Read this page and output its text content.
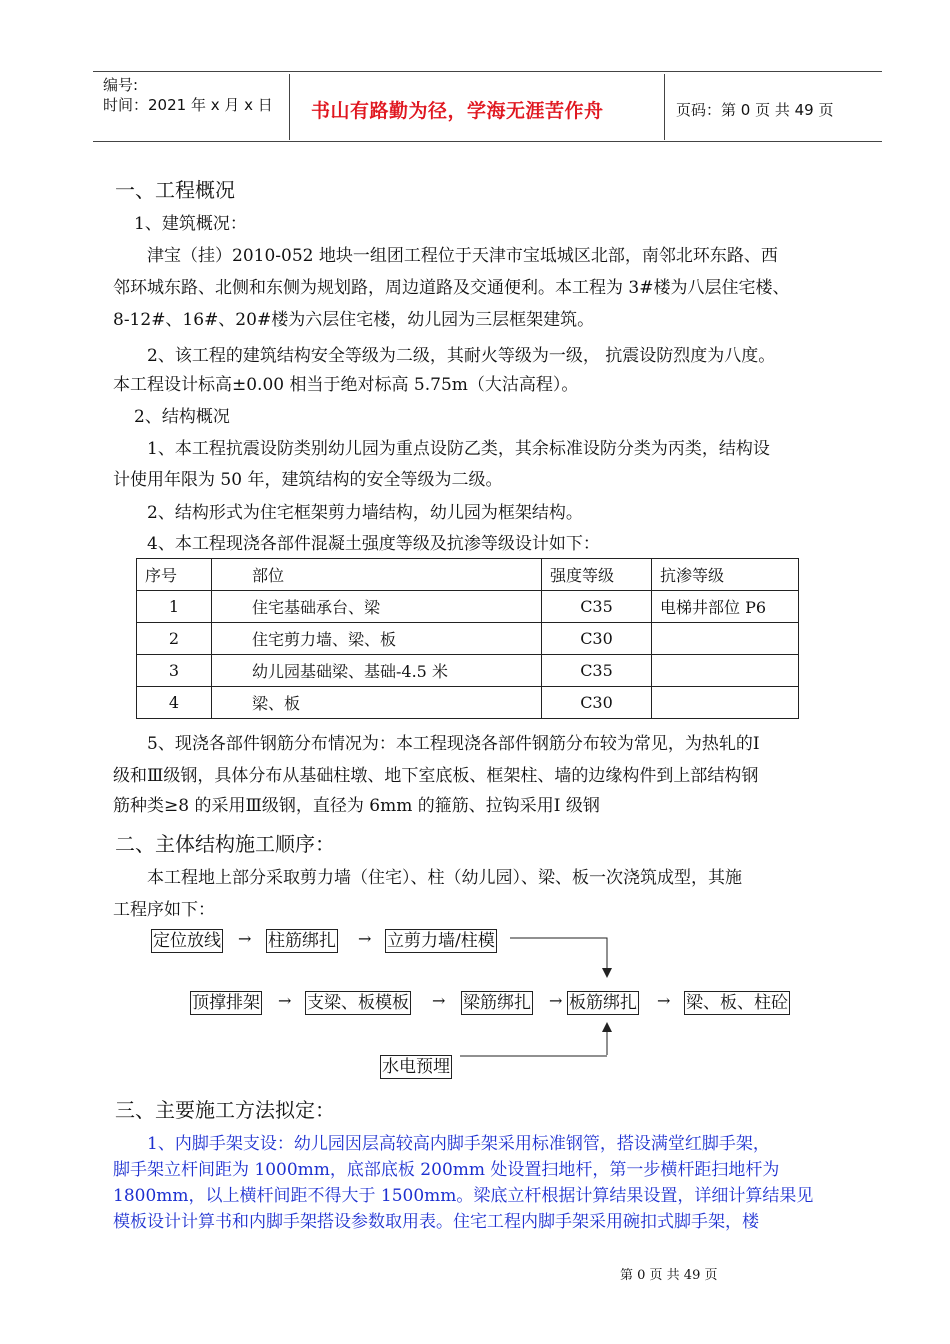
编号:
时间：2021 年 x 月 x 日 书山有路勤为径，学海无涯苦作舟	页码：第 0 页 共 49 页
一、工程概况
1、建筑概况：
津宝（挂）2010-052 地块一组团工程位于天津市宝坻城区北部，南邻北环东路、西
邻环城东路、北侧和东侧为规划路，周边道路及交通便利。本工程为 3#楼为八层住宅楼、
8-12#、16#、20#楼为六层住宅楼，幼儿园为三层框架建筑。
2、该工程的建筑结构安全等级为二级，其耐火等级为一级， 抗震设防烈度为八度。
本工程设计标高±0.00 相当于绝对标高 5.75m（大沽高程）。
2、结构概况
1、本工程抗震设防类别幼儿园为重点设防乙类，其余标准设防分类为丙类，结构设
计使用年限为 50 年，建筑结构的安全等级为二级。
2、结构形式为住宅框架剪力墙结构，幼儿园为框架结构。
4、本工程现浇各部件混凝土强度等级及抗渗等级设计如下：
序号	部位	强度等级	抗渗等级
1	住宅基础承台、梁	C35	电梯井部位 P6
2	住宅剪力墙、梁、板	C30	
3	幼儿园基础梁、基础-4.5 米	C35	
4	梁、板	C30	
5、现浇各部件钢筋分布情况为：本工程现浇各部件钢筋分布较为常见，为热轧的Ⅰ
级和Ⅲ级钢，具体分布从基础柱墩、地下室底板、框架柱、墙的边缘构件到上部结构钢
筋种类≥8 的采用Ⅲ级钢，直径为 6mm 的箍筋、拉钩采用Ⅰ 级钢
二、主体结构施工顺序：
本工程地上部分采取剪力墙（住宅）、柱（幼儿园）、梁、板一次浇筑成型，其施
工程序如下：
定位放线 → 柱筋绑扎 → 立剪力墙/柱模
顶撑排架 → 支梁、板模板 → 梁筋绑扎 → 板筋绑扎 → 梁、板、柱砼
水电预埋
三、主要施工方法拟定：
1、内脚手架支设：幼儿园因层高较高内脚手架采用标准钢管，搭设满堂红脚手架，
脚手架立杆间距为 1000mm，底部底板 200mm 处设置扫地杆，第一步横杆距扫地杆为
1800mm，以上横杆间距不得大于 1500mm。梁底立杆根据计算结果设置，详细计算结果见
模板设计计算书和内脚手架搭设参数取用表。住宅工程内脚手架采用碗扣式脚手架，楼
第 0 页 共 49 页
